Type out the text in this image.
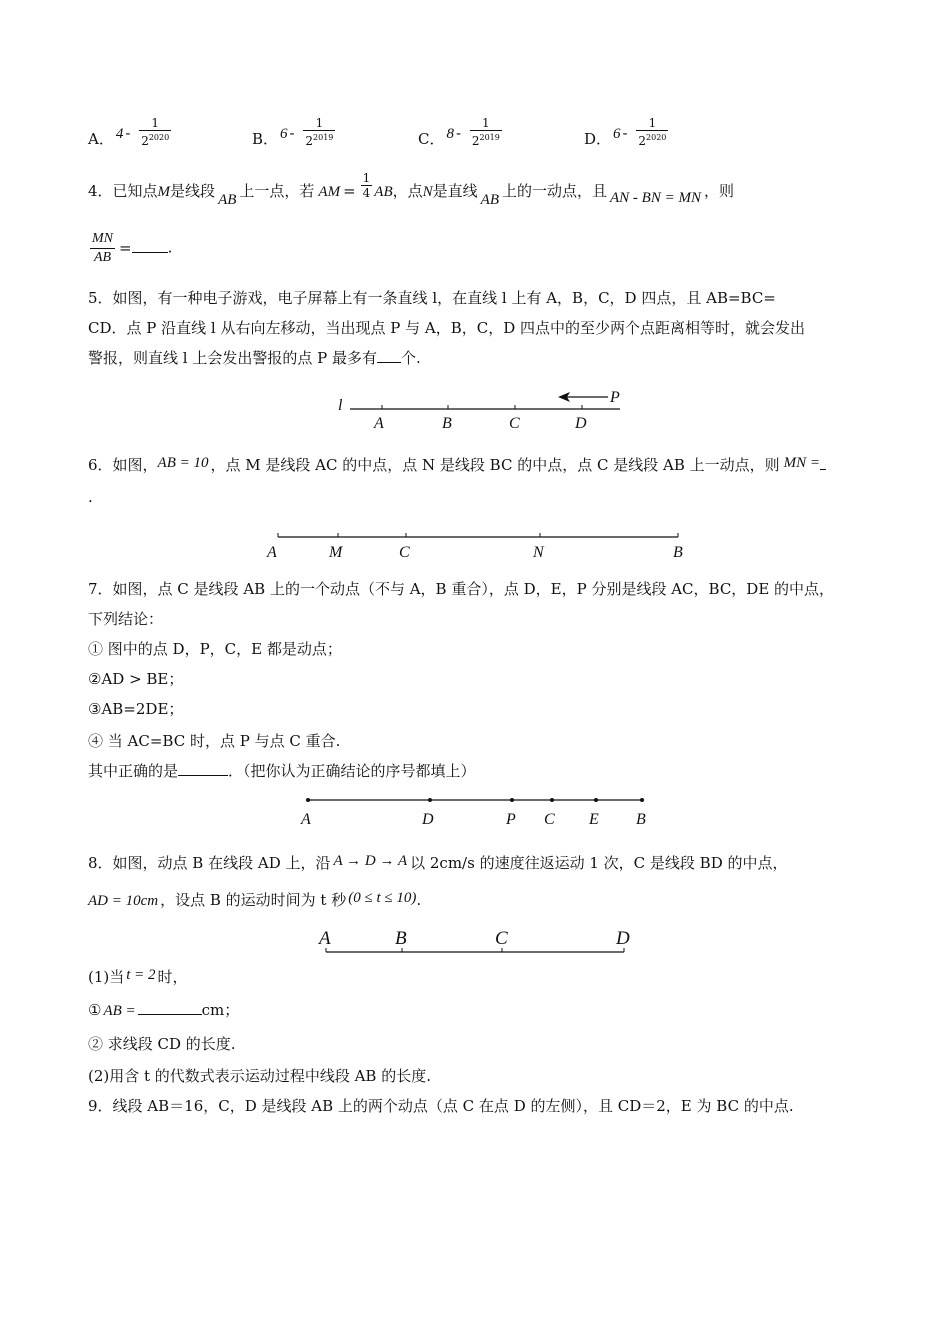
A． $4 - \frac{1}{2^{2020}}$	B． $6 - \frac{1}{2^{2019}}$	C． $8 - \frac{1}{2^{2019}}$	D． $6 - \frac{1}{2^{2020}}$
4．已知点M是线段 AB 上一点，若 AM = $\frac{1}{4}$ AB，点N是直线 AB 上的一动点，且 AN - BN = MN ，则
$\frac{MN}{AB}$ = .
5．如图，有一种电子游戏，电子屏幕上有一条直线 l，在直线 l 上有 A，B，C，D 四点，且 AB=BC=
CD．点 P 沿直线 l 从右向左移动，当出现点 P 与 A，B，C，D 四点中的至少两个点距离相等时，就会发出
警报，则直线 l 上会发出警报的点 P 最多有 个.
l	P
A	B	C	D
6．如图，AB = 10 ，点 M 是线段 AC 的中点，点 N 是线段 BC 的中点，点 C 是线段 AB 上一动点，则 MN =
.
A	M	C	N	B
7．如图，点 C 是线段 AB 上的一个动点（不与 A，B 重合），点 D，E，P 分别是线段 AC，BC，DE 的中点，
下列结论：
① 图中的点 D，P，C，E 都是动点；
②AD > BE；
③AB=2DE；
④ 当 AC=BC 时，点 P 与点 C 重合.
其中正确的是	．（把你认为正确结论的序号都填上）
A	D	P C E B
8．如图，动点 B 在线段 AD 上，沿 A → D → A 以 2cm/s 的速度往返运动 1 次，C 是线段 BD 的中点，
AD = 10cm ，设点 B 的运动时间为 t 秒 (0 ≤ t ≤ 10).
A	B	C	D
(1)当 t = 2 时，
① AB =	cm；
② 求线段 CD 的长度.
(2)用含 t 的代数式表示运动过程中线段 AB 的长度.
9．线段 AB＝16，C，D 是线段 AB 上的两个动点（点 C 在点 D 的左侧），且 CD＝2，E 为 BC 的中点.
